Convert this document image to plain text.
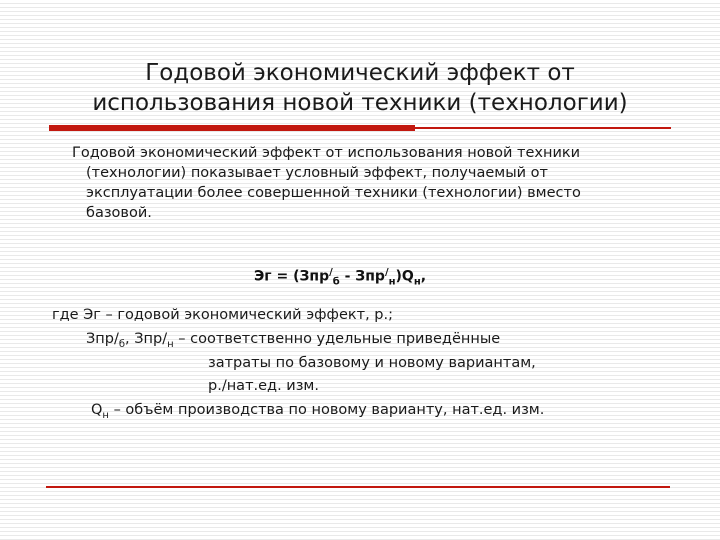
Годовой экономический эффект от
использования новой техники (технологии)
Годовой экономический эффект от использования новой техники
(технологии) показывает условный эффект, получаемый от
эксплуатации более совершенной техники (технологии) вместо
базовой.
Эг = $(Зпр^/_б - Зпр^/_н)Q_н$,
где Эг – годовой экономический эффект, р.;
Зпр/$_б$, Зпр/$_н$ – соответственно удельные приведённые
затраты по базовому и новому вариантам,
р./нат.ед. изм.
$Q_н$ – объём производства по новому варианту, нат.ед. изм.
